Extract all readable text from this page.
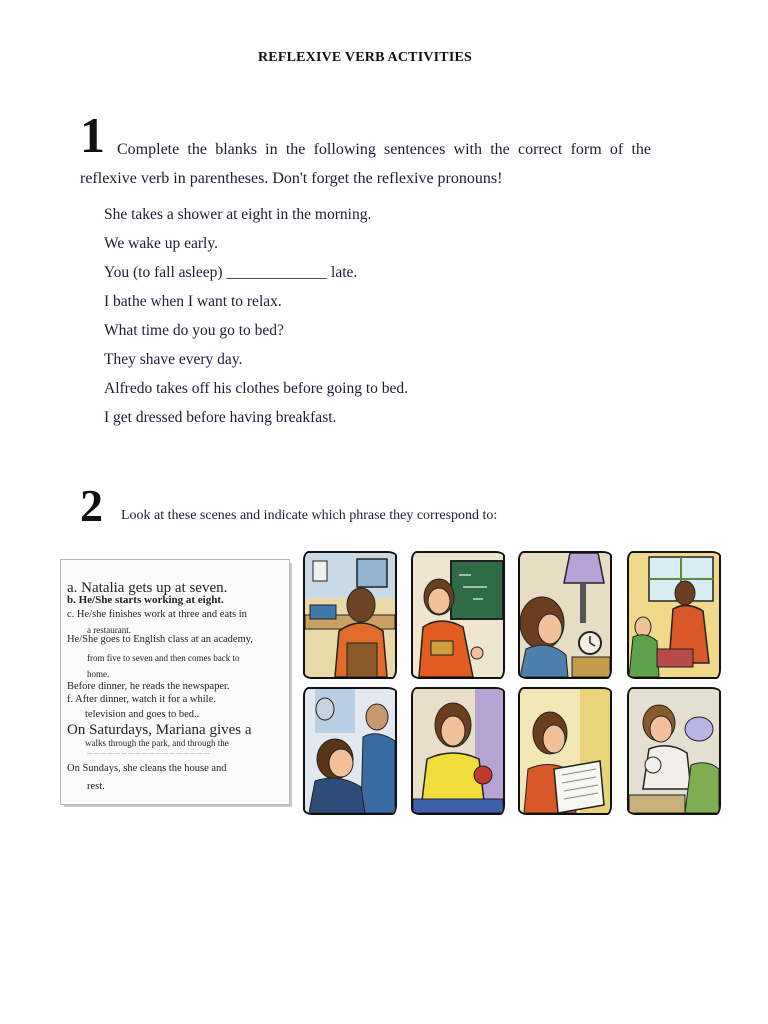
REFLEXIVE VERB ACTIVITIES
1 Complete the blanks in the following sentences with the correct form of the reflexive verb in parentheses. Don't forget the reflexive pronouns!
She takes a shower at eight in the morning.
We wake up early.
You (to fall asleep) _____________ late.
I bathe when I want to relax.
What time do you go to bed?
They shave every day.
Alfredo takes off his clothes before going to bed.
I get dressed before having breakfast.
2 Look at these scenes and indicate which phrase they correspond to:
a. Natalia gets up at seven.
b. He/She starts working at eight.
c. He/she finishes work at three and eats in
a restaurant.
He/She goes to English class at an academy,
from five to seven and then comes back to
home.
Before dinner, he reads the newspaper.
f. After dinner, watch it for a while.
television and goes to bed..
On Saturdays, Mariana gives a
walks through the park, and through the
— — — — — — — — — — — — — — — — — —
On Sundays, she cleans the house and
rest.
